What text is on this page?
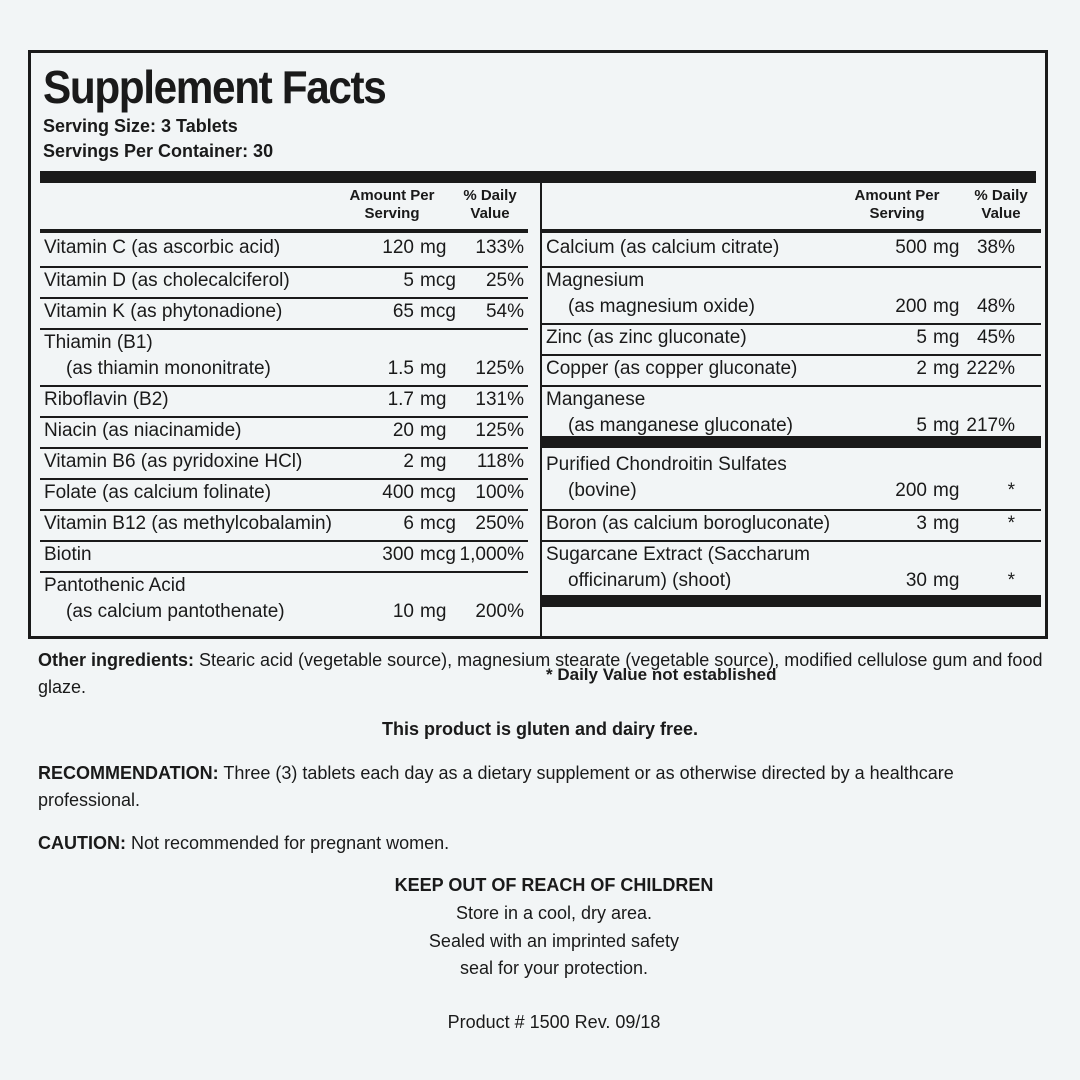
Supplement Facts
Serving Size: 3 Tablets
Servings Per Container: 30
Amount Per
Serving
% Daily
Value
Vitamin C (as ascorbic acid)	120 mg 133%
Vitamin D (as cholecalciferol)	5 mcg 25%
Vitamin K (as phytonadione)	65 mcg 54%
Thiamin (B1)
(as thiamin mononitrate)	1.5 mg 125%
Riboflavin (B2)	1.7 mg 131%
Niacin (as niacinamide)	20 mg 125%
Vitamin B6 (as pyridoxine HCl)	2 mg 118%
Folate (as calcium folinate)	400 mcg 100%
Vitamin B12 (as methylcobalamin)	6 mcg 250%
Biotin	300 mcg 1,000%
Pantothenic Acid
(as calcium pantothenate)	10 mg 200%
Amount Per
Serving
% Daily
Value
Calcium (as calcium citrate)	500 mg 38%
Magnesium
(as magnesium oxide)	200 mg 48%
Zinc (as zinc gluconate)	5 mg 45%
Copper (as copper gluconate)	2 mg 222%
Manganese
(as manganese gluconate)	5 mg 217%
Purified Chondroitin Sulfates
(bovine)	200 mg	*
Boron (as calcium borogluconate)	3 mg	*
Sugarcane Extract (Saccharum
officinarum) (shoot)	30 mg	*
* Daily Value not established
Other ingredients: Stearic acid (vegetable source), magnesium stearate (vegetable source), modified cellulose gum and food glaze.
This product is gluten and dairy free.
RECOMMENDATION: Three (3) tablets each day as a dietary supplement or as otherwise directed by a healthcare professional.
CAUTION: Not recommended for pregnant women.
KEEP OUT OF REACH OF CHILDREN
Store in a cool, dry area.
Sealed with an imprinted safety
seal for your protection.
Product # 1500 Rev. 09/18
